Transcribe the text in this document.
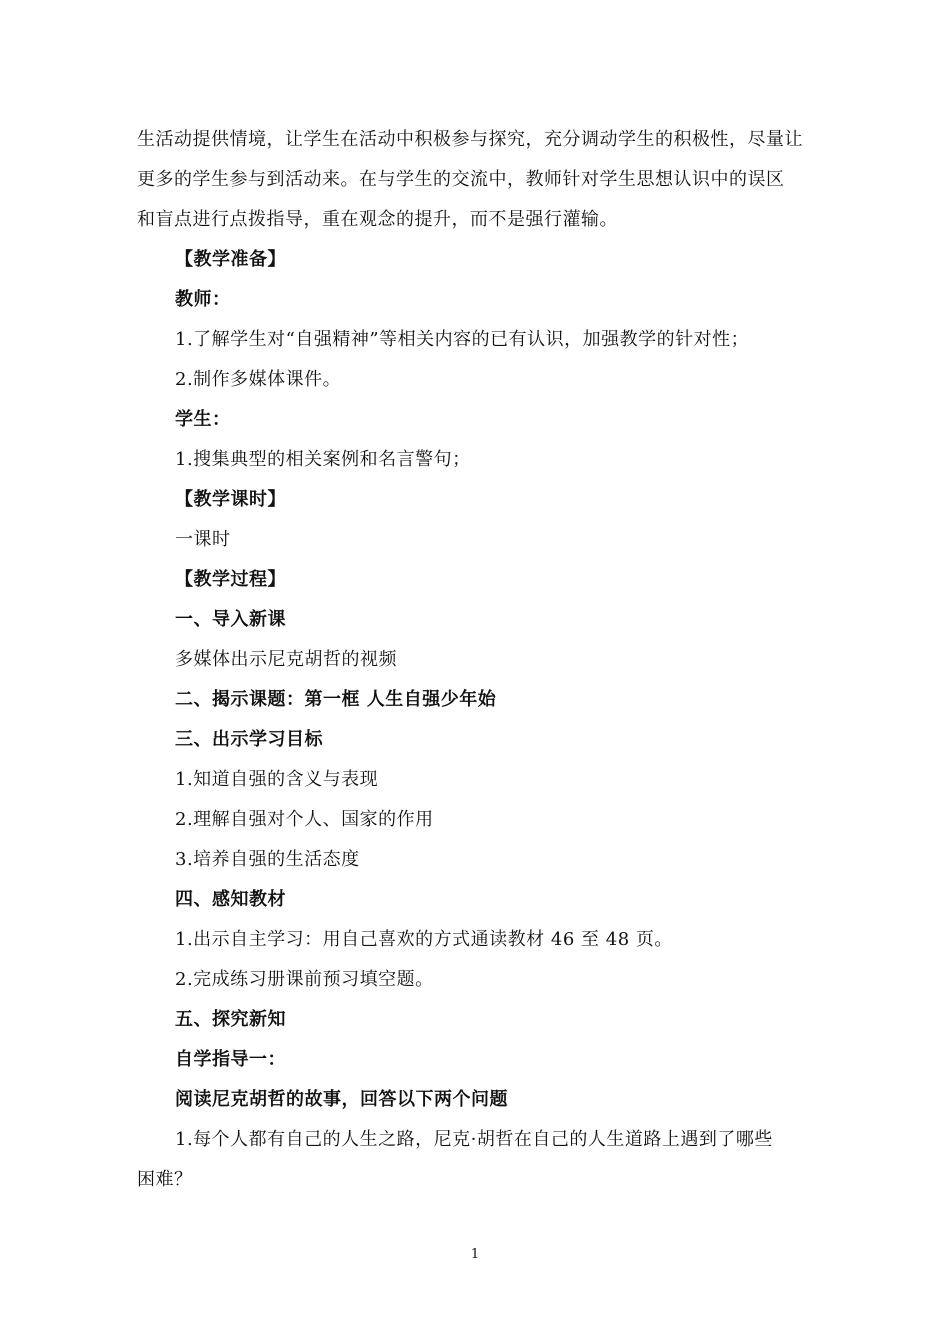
生活动提供情境，让学生在活动中积极参与探究，充分调动学生的积极性，尽量让
更多的学生参与到活动来。在与学生的交流中，教师针对学生思想认识中的误区
和盲点进行点拨指导，重在观念的提升，而不是强行灌输。
【教学准备】
教师：
1.了解学生对“自强精神”等相关内容的已有认识，加强教学的针对性；
2.制作多媒体课件。
学生：
1.搜集典型的相关案例和名言警句；
【教学课时】
一课时
【教学过程】
一、导入新课
多媒体出示尼克胡哲的视频
二、揭示课题：第一框 人生自强少年始
三、出示学习目标
1.知道自强的含义与表现
2.理解自强对个人、国家的作用
3.培养自强的生活态度
四、感知教材
1.出示自主学习：用自己喜欢的方式通读教材 46 至 48 页。
2.完成练习册课前预习填空题。
五、探究新知
自学指导一：
阅读尼克胡哲的故事，回答以下两个问题
1.每个人都有自己的人生之路，尼克·胡哲在自己的人生道路上遇到了哪些
困难？
1
